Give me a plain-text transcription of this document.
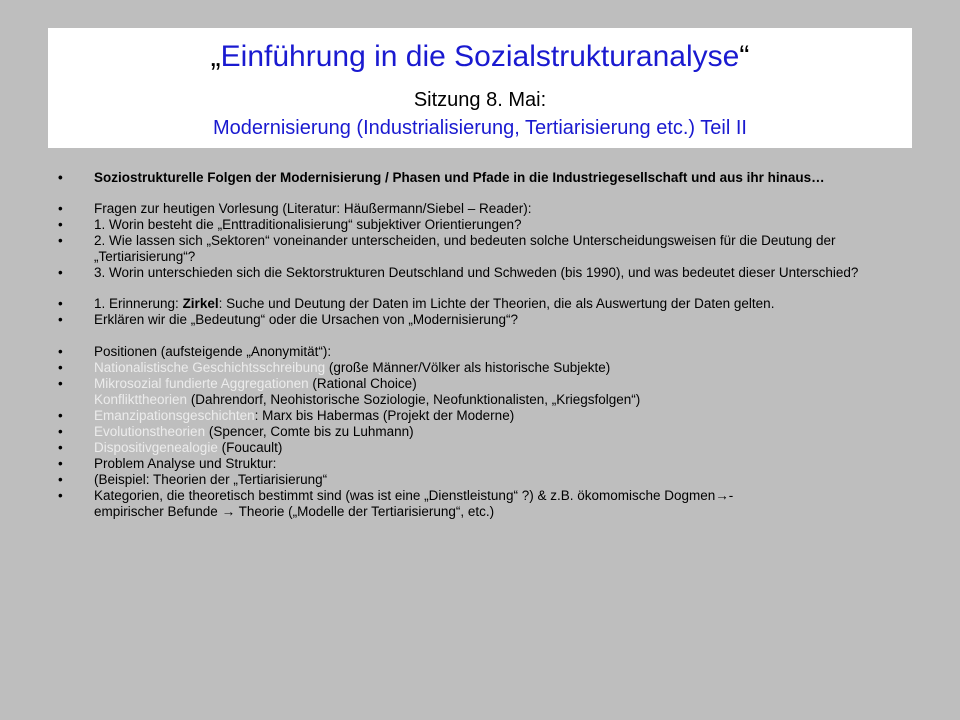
„Einführung in die Sozialstrukturanalyse“
Sitzung 8. Mai:
Modernisierung (Industrialisierung, Tertiarisierung etc.) Teil II
• Soziostrukturelle Folgen der Modernisierung / Phasen und Pfade in die Industriegesellschaft und aus ihr hinaus…
• Fragen zur heutigen Vorlesung (Literatur: Häußermann/Siebel – Reader):
• 1. Worin besteht die „Enttraditionalisierung“ subjektiver Orientierungen?
• 2. Wie lassen sich „Sektoren“ voneinander unterscheiden, und bedeuten solche Unterscheidungsweisen für die Deutung der „Tertiarisierung“?
• 3. Worin unterschieden sich die Sektorstrukturen Deutschland und Schweden (bis 1990), und was bedeutet dieser Unterschied?
• 1. Erinnerung: Zirkel: Suche und Deutung der Daten im Lichte der Theorien, die als Auswertung der Daten gelten.
• Erklären wir die „Bedeutung“ oder die Ursachen von „Modernisierung“?
• Positionen (aufsteigende „Anonymität“):
• Nationalistische Geschichtsschreibung (große Männer/Völker als historische Subjekte)
• Mikrosozial fundierte Aggregationen (Rational Choice)
Konflikttheorien (Dahrendorf, Neohistorische Soziologie, Neofunktionalisten, „Kriegsfolgen“)
• Emanzipationsgeschichten: Marx bis Habermas (Projekt der Moderne)
• Evolutionstheorien (Spencer, Comte bis zu Luhmann)
• Dispositivgenealogie (Foucault)
• Problem Analyse und Struktur:
• (Beispiel: Theorien der „Tertiarisierung“
• Kategorien, die theoretisch bestimmt sind (was ist eine „Dienstleistung“ ?) & z.B. ökomomische Dogmen→-
empirischer Befunde → Theorie („Modelle der Tertiarisierung“, etc.)
